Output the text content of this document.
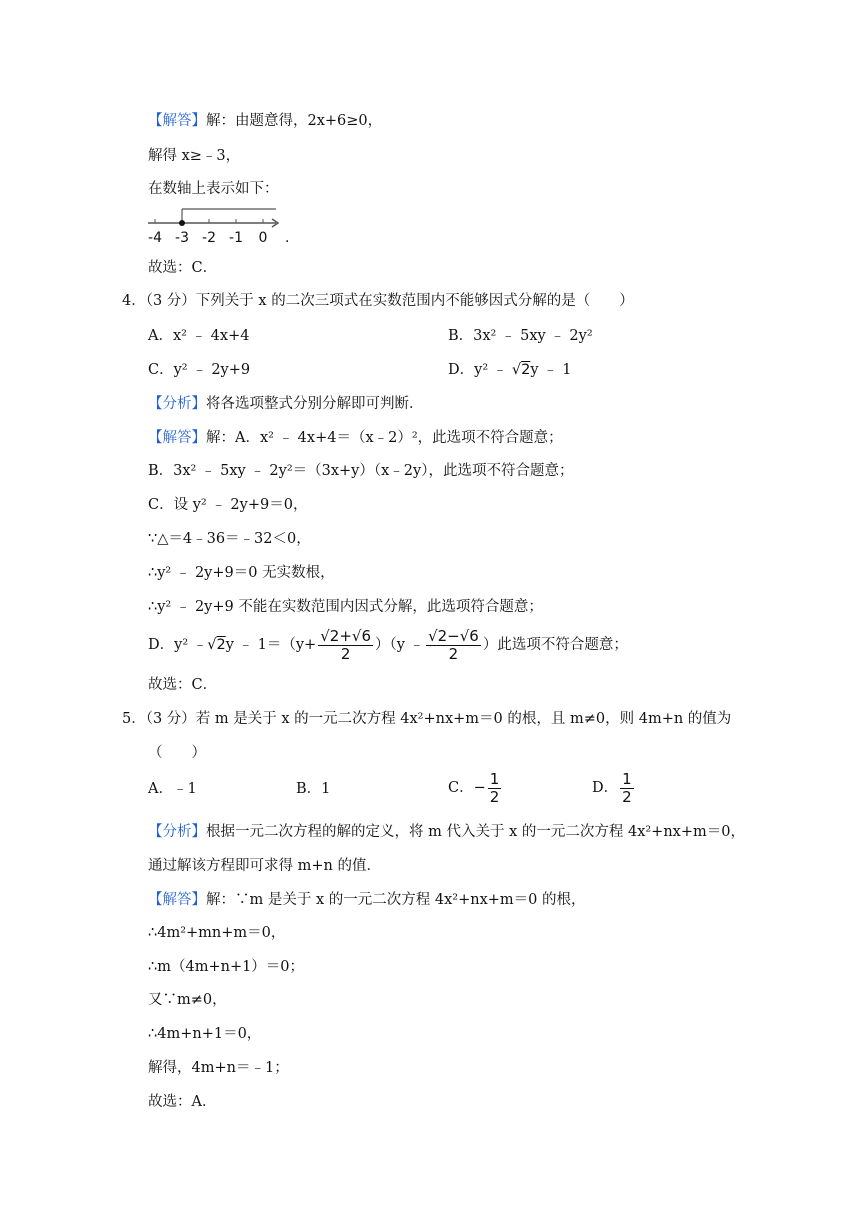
【解答】解：由题意得，2x+6≥0，
解得 x≥﹣3，
在数轴上表示如下：
-4 -3 -2 -1 0 .
故选：C．
4．（3 分）下列关于 x 的二次三项式在实数范围内不能够因式分解的是（　　）
A．x² ﹣ 4x+4	B．3x² ﹣ 5xy ﹣ 2y²
C．y² ﹣ 2y+9	D．y² ﹣ √2y ﹣ 1
【分析】将各选项整式分别分解即可判断．
【解答】解：A．x² ﹣ 4x+4＝（x﹣2）²，此选项不符合题意；
B．3x² ﹣ 5xy ﹣ 2y²＝（3x+y）（x﹣2y），此选项不符合题意；
C．设 y² ﹣ 2y+9＝0，
∵△＝4﹣36＝﹣32＜0，
∴y² ﹣ 2y+9＝0 无实数根，
∴y² ﹣ 2y+9 不能在实数范围内因式分解，此选项符合题意；
D．y² ﹣ √2 y ﹣ $1=(y+ \frac{√2+√6}{2} )(y$ ﹣ $\frac{√2-√6}{2}$ ）此选项不符合题意；
故选：C．
5．（3 分）若 m 是关于 x 的一元二次方程 4x²+nx+m＝0 的根，且 m≠0，则 4m+n 的值为
（　　）
A．﹣1	B．1	C． − $\frac{1}{2}$	D． $\frac{1}{2}$
【分析】根据一元二次方程的解的定义，将 m 代入关于 x 的一元二次方程 4x²+nx+m＝0，
通过解该方程即可求得 m+n 的值．
【解答】解：∵m 是关于 x 的一元二次方程 4x²+nx+m＝0 的根，
∴4m²+mn+m＝0，
∴m（4m+n+1）＝0；
又∵m≠0，
∴4m+n+1＝0，
解得，4m+n＝﹣1；
故选：A．
